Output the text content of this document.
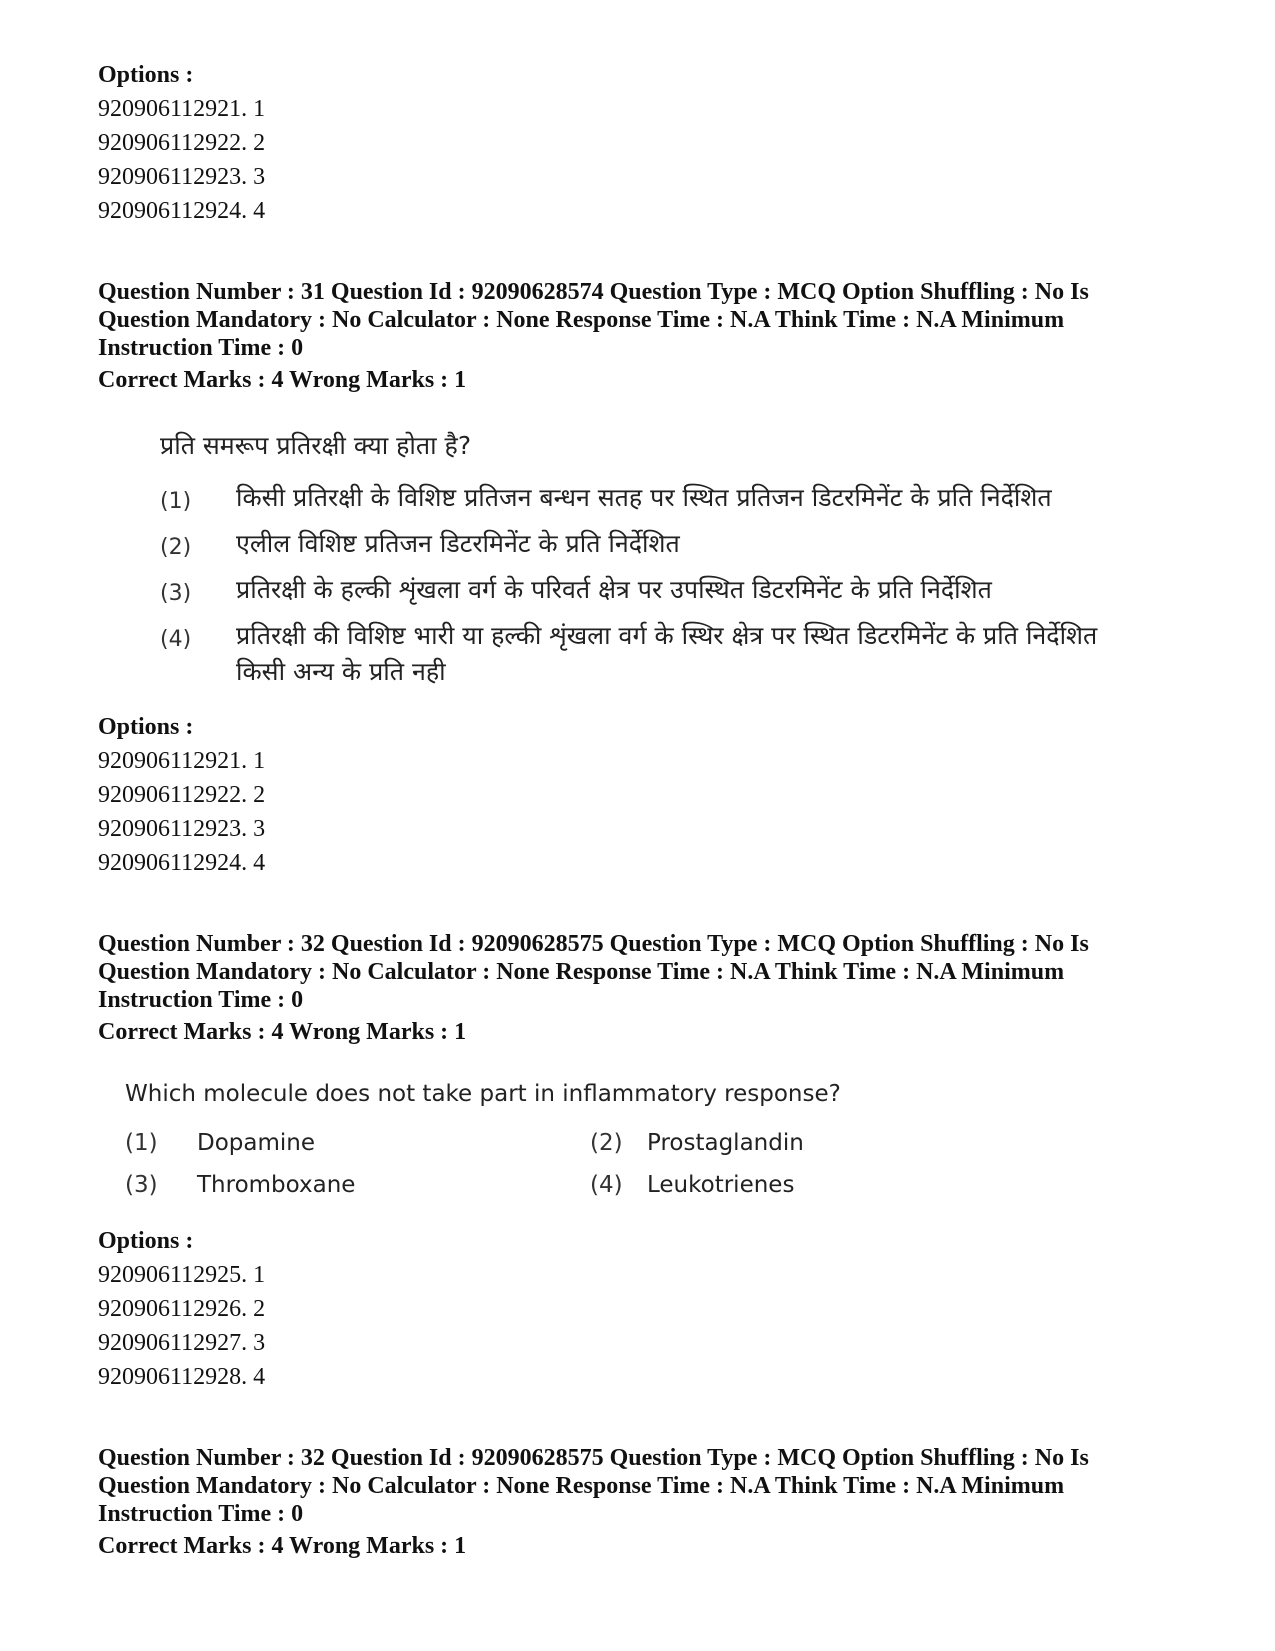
Options :

920906112921. 1

920906112922. 2

920906112923. 3

920906112924. 4

Question Number : 31 Question Id : 92090628574 Question Type : MCQ Option Shuffling : No Is

Question Mandatory : No Calculator : None Response Time : N.A Think Time : N.A Minimum

Instruction Time : 0

Correct Marks : 4 Wrong Marks : 1

प्रति समरूप प्रतिरक्षी क्या होता है?

(1)	किसी प्रतिरक्षी के विशिष्ट प्रतिजन बन्धन सतह पर स्थित प्रतिजन डिटरमिनेंट के प्रति निर्देशित
(2)	एलील विशिष्ट प्रतिजन डिटरमिनेंट के प्रति निर्देशित
(3)	प्रतिरक्षी के हल्की शृंखला वर्ग के परिवर्त क्षेत्र पर उपस्थित डिटरमिनेंट के प्रति निर्देशित
(4)	प्रतिरक्षी की विशिष्ट भारी या हल्की शृंखला वर्ग के स्थिर क्षेत्र पर स्थित डिटरमिनेंट के प्रति निर्देशित किसी अन्य के प्रति नही

Options :

920906112921. 1

920906112922. 2

920906112923. 3

920906112924. 4

Question Number : 32 Question Id : 92090628575 Question Type : MCQ Option Shuffling : No Is

Question Mandatory : No Calculator : None Response Time : N.A Think Time : N.A Minimum

Instruction Time : 0

Correct Marks : 4 Wrong Marks : 1

Which molecule does not take part in inflammatory response?

(1)	Dopamine	(2)	Prostaglandin
(3)	Thromboxane	(4)	Leukotrienes

Options :

920906112925. 1

920906112926. 2

920906112927. 3

920906112928. 4

Question Number : 32 Question Id : 92090628575 Question Type : MCQ Option Shuffling : No Is

Question Mandatory : No Calculator : None Response Time : N.A Think Time : N.A Minimum

Instruction Time : 0

Correct Marks : 4 Wrong Marks : 1
